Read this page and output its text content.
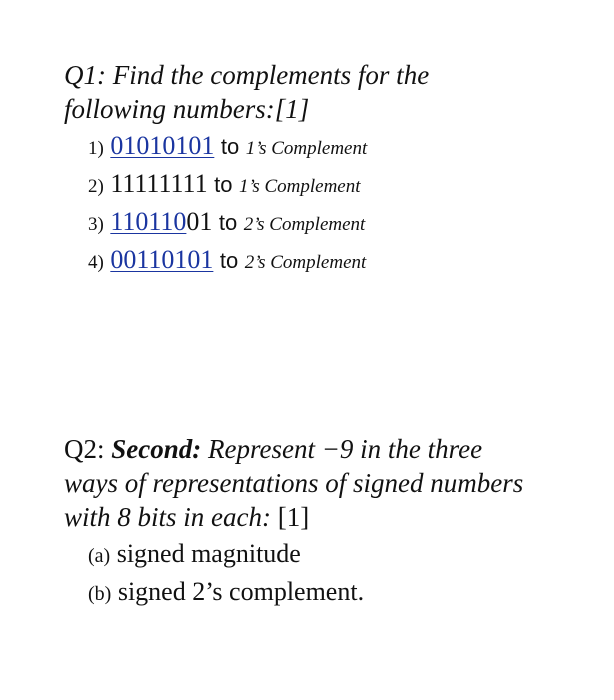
Q1: Find the complements for the

following numbers:[1]

1) 01010101 to 1’s Complement
2) 11111111 to 1’s Complement
3) 11011001 to 2’s Complement
4) 00110101 to 2’s Complement
Q2: Second: Represent −9 in the three
ways of representations of signed numbers
with 8 bits in each: [1]
(a) signed magnitude
(b) signed 2’s complement.
